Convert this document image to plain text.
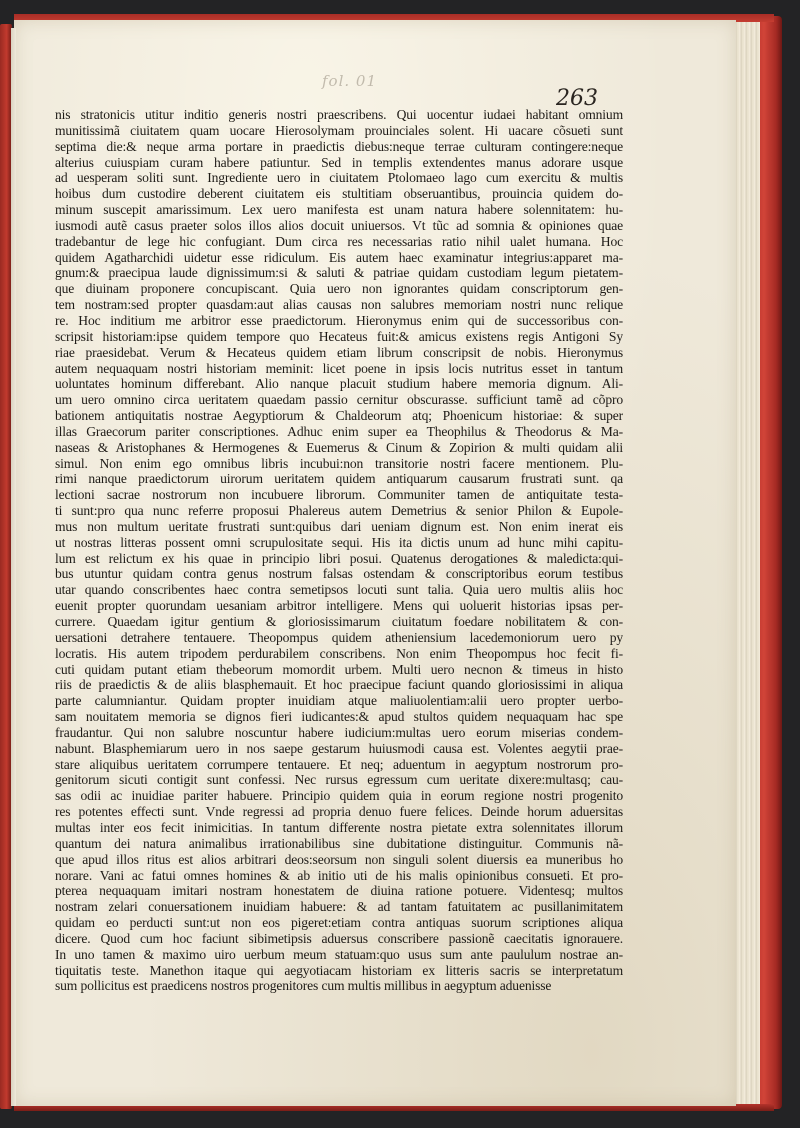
fol. 01
263
nis stratonicis utitur inditio generis nostri praescribens. Qui uocentur iudaei habitant omnium
munitissimã ciuitatem quam uocare Hierosolymam prouinciales solent. Hi uacare cõsueti sunt
septima die:& neque arma portare in praedictis diebus:neque terrae culturam contingere:neque
alterius cuiuspiam curam habere patiuntur. Sed in templis extendentes manus adorare usque
ad uesperam soliti sunt. Ingrediente uero in ciuitatem Ptolomaeo lago cum exercitu & multis
hoibus dum custodire deberent ciuitatem eis stultitiam obseruantibus, prouincia quidem do-
minum suscepit amarissimum. Lex uero manifesta est unam natura habere solennitatem: hu-
iusmodi autẽ casus praeter solos illos alios docuit uniuersos. Vt tũc ad somnia & opiniones quae
tradebantur de lege hic confugiant. Dum circa res necessarias ratio nihil ualet humana. Hoc
quidem Agatharchidi uidetur esse ridiculum. Eis autem haec examinatur integrius:apparet ma-
gnum:& praecipua laude dignissimum:si & saluti & patriae quidam custodiam legum pietatem-
que diuinam proponere concupiscant. Quia uero non ignorantes quidam conscriptorum gen-
tem nostram:sed propter quasdam:aut alias causas non salubres memoriam nostri nunc relique
re. Hoc inditium me arbitror esse praedictorum. Hieronymus enim qui de successoribus con-
scripsit historiam:ipse quidem tempore quo Hecateus fuit:& amicus existens regis Antigoni Sy
riae praesidebat. Verum & Hecateus quidem etiam librum conscripsit de nobis. Hieronymus
autem nequaquam nostri historiam meminit: licet poene in ipsis locis nutritus esset in tantum
uoluntates hominum differebant. Alio nanque placuit studium habere memoria dignum. Ali-
um uero omnino circa ueritatem quaedam passio cernitur obscurasse. sufficiunt tamẽ ad cõpro
bationem antiquitatis nostrae Aegyptiorum & Chaldeorum atq; Phoenicum historiae: & super
illas Graecorum pariter conscriptiones. Adhuc enim super ea Theophilus & Theodorus & Ma-
naseas & Aristophanes & Hermogenes & Euemerus & Cinum & Zopirion & multi quidam alii
simul. Non enim ego omnibus libris incubui:non transitorie nostri facere mentionem. Plu-
rimi nanque praedictorum uirorum ueritatem quidem antiquarum causarum frustrati sunt. qa
lectioni sacrae nostrorum non incubuere librorum. Communiter tamen de antiquitate testa-
ti sunt:pro qua nunc referre proposui Phalereus autem Demetrius & senior Philon & Eupole-
mus non multum ueritate frustrati sunt:quibus dari ueniam dignum est. Non enim inerat eis
ut nostras litteras possent omni scrupulositate sequi. His ita dictis unum ad hunc mihi capitu-
lum est relictum ex his quae in principio libri posui. Quatenus derogationes & maledicta:qui-
bus utuntur quidam contra genus nostrum falsas ostendam & conscriptoribus eorum testibus
utar quando conscribentes haec contra semetipsos locuti sunt talia. Quia uero multis aliis hoc
euenit propter quorundam uesaniam arbitror intelligere. Mens qui uoluerit historias ipsas per-
currere. Quaedam igitur gentium & gloriosissimarum ciuitatum foedare nobilitatem & con-
uersationi detrahere tentauere. Theopompus quidem atheniensium lacedemoniorum uero py
locratis. His autem tripodem perdurabilem conscribens. Non enim Theopompus hoc fecit fi-
cuti quidam putant etiam thebeorum momordit urbem. Multi uero necnon & timeus in histo
riis de praedictis & de aliis blasphemauit. Et hoc praecipue faciunt quando gloriosissimi in aliqua
parte calumniantur. Quidam propter inuidiam atque maliuolentiam:alii uero propter uerbo-
sam nouitatem memoria se dignos fieri iudicantes:& apud stultos quidem nequaquam hac spe
fraudantur. Qui non salubre noscuntur habere iudicium:multas uero eorum miserias condem-
nabunt. Blasphemiarum uero in nos saepe gestarum huiusmodi causa est. Volentes aegytii prae-
stare aliquibus ueritatem corrumpere tentauere. Et neq; aduentum in aegyptum nostrorum pro-
genitorum sicuti contigit sunt confessi. Nec rursus egressum cum ueritate dixere:multasq; cau-
sas odii ac inuidiae pariter habuere. Principio quidem quia in eorum regione nostri progenito
res potentes effecti sunt. Vnde regressi ad propria denuo fuere felices. Deinde horum aduersitas
multas inter eos fecit inimicitias. In tantum differente nostra pietate extra solennitates illorum
quantum dei natura animalibus irrationabilibus sine dubitatione distinguitur. Communis nã-
que apud illos ritus est alios arbitrari deos:seorsum non singuli solent diuersis ea muneribus ho
norare. Vani ac fatui omnes homines & ab initio uti de his malis opinionibus consueti. Et pro-
pterea nequaquam imitari nostram honestatem de diuina ratione potuere. Videntesq; multos
nostram zelari conuersationem inuidiam habuere: & ad tantam fatuitatem ac pusillanimitatem
quidam eo perducti sunt:ut non eos pigeret:etiam contra antiquas suorum scriptiones aliqua
dicere. Quod cum hoc faciunt sibimetipsis aduersus conscribere passionẽ caecitatis ignorauere.
In uno tamen & maximo uiro uerbum meum statuam:quo usus sum ante paululum nostrae an-
tiquitatis teste. Manethon itaque qui aegyotiacam historiam ex litteris sacris se interpretatum
sum pollicitus est praedicens nostros progenitores cum multis millibus in aegyptum aduenisse
